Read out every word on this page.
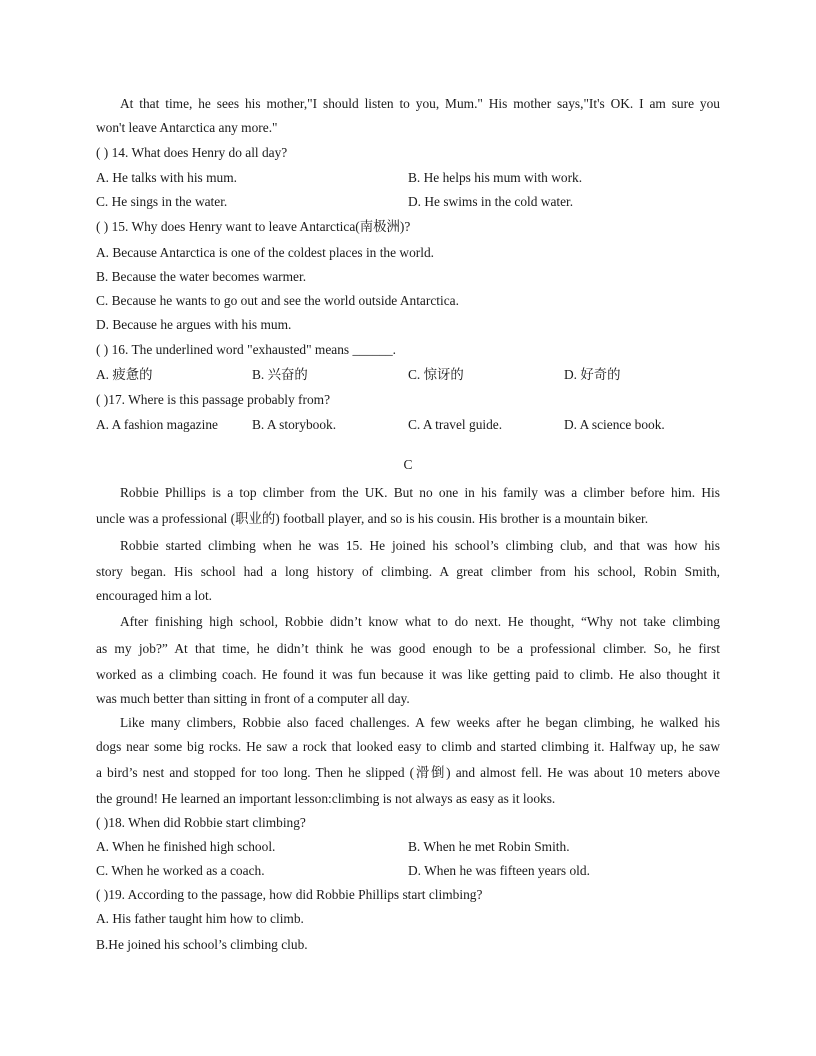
At that time, he sees his mother,"I should listen to you, Mum." His mother says,"It's OK. I am sure you
won't leave Antarctica any more."
( ) 14. What does Henry do all day?
A. He talks with his mum.	B. He helps his mum with work.
C. He sings in the water.	D. He swims in the cold water.
( ) 15. Why does Henry want to leave Antarctica(南极洲)?
A. Because Antarctica is one of the coldest places in the world.
B. Because the water becomes warmer.
C. Because he wants to go out and see the world outside Antarctica.
D. Because he argues with his mum.
( ) 16. The underlined word "exhausted" means ______.
A. 疲惫的	B. 兴奋的	C. 惊讶的	D. 好奇的
( )17. Where is this passage probably from?
A. A fashion magazine	B. A storybook.	C. A travel guide.	D. A science book.
C
Robbie Phillips is a top climber from the UK. But no one in his family was a climber before him. His
uncle was a professional (职业的) football player, and so is his cousin. His brother is a mountain biker.
Robbie started climbing when he was 15. He joined his school’s climbing club, and that was how his
story began. His school had a long history of climbing. A great climber from his school, Robin Smith,
encouraged him a lot.
After finishing high school, Robbie didn’t know what to do next. He thought, “Why not take climbing
as my job?” At that time, he didn’t think he was good enough to be a professional climber. So, he first
worked as a climbing coach. He found it was fun because it was like getting paid to climb. He also thought it
was much better than sitting in front of a computer all day.
Like many climbers, Robbie also faced challenges. A few weeks after he began climbing, he walked his
dogs near some big rocks. He saw a rock that looked easy to climb and started climbing it. Halfway up, he saw
a bird’s nest and stopped for too long. Then he slipped (滑倒) and almost fell. He was about 10 meters above
the ground! He learned an important lesson:climbing is not always as easy as it looks.
( )18. When did Robbie start climbing?
A. When he finished high school.	B. When he met Robin Smith.
C. When he worked as a coach.	D. When he was fifteen years old.
( )19. According to the passage, how did Robbie Phillips start climbing?
A. His father taught him how to climb.
B.He joined his school’s climbing club.
